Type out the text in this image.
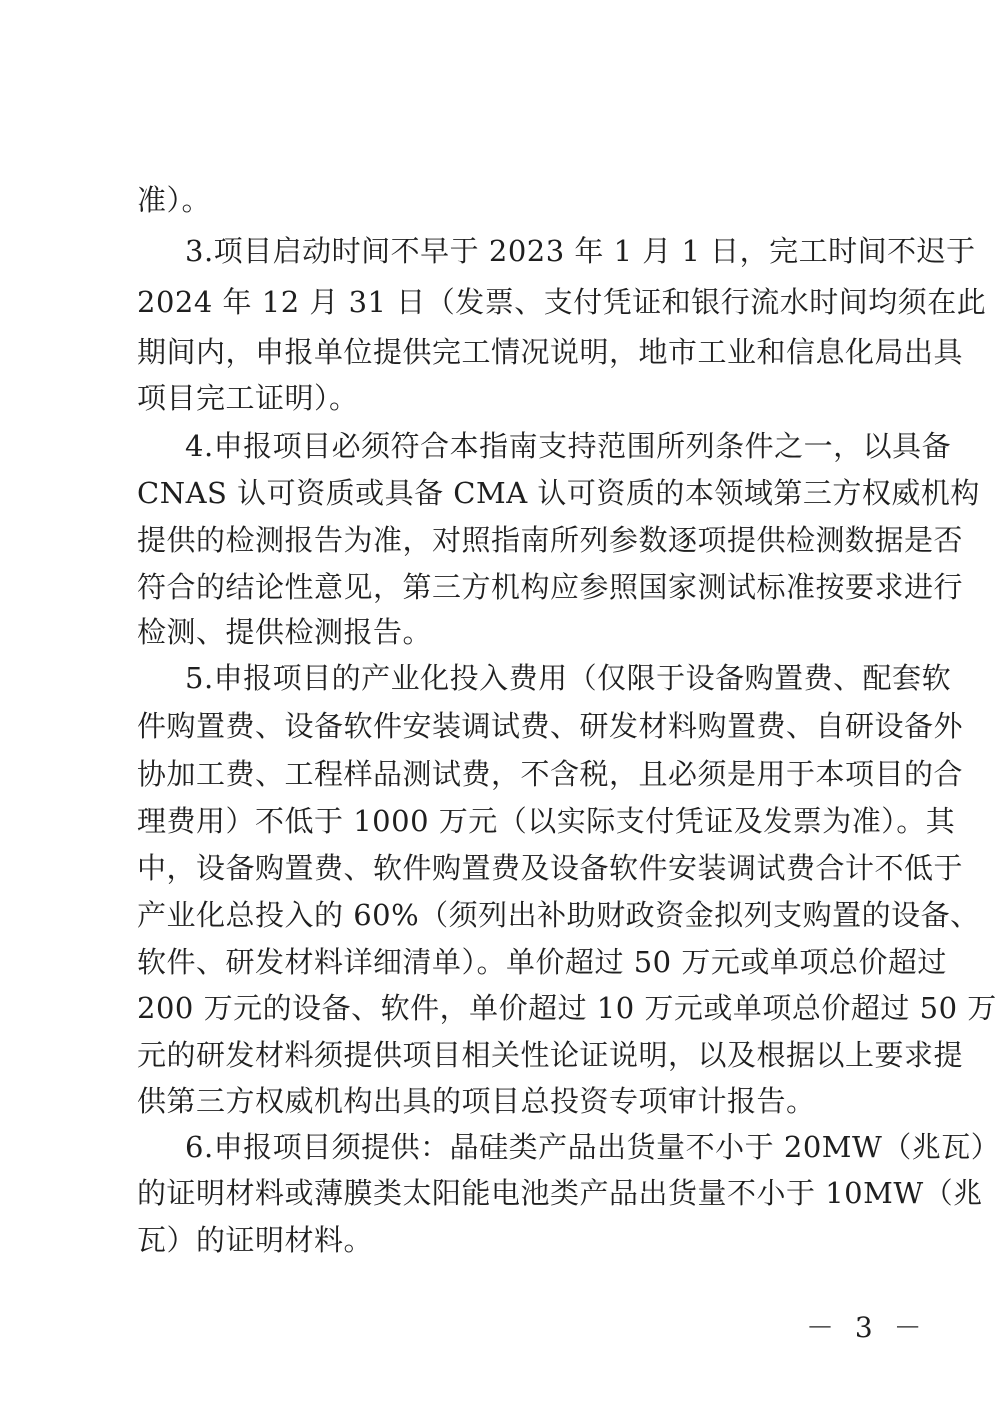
准）。
3.项目启动时间不早于 2023 年 1 月 1 日，完工时间不迟于
2024 年 12 月 31 日（发票、支付凭证和银行流水时间均须在此
期间内，申报单位提供完工情况说明，地市工业和信息化局出具
项目完工证明）。
4.申报项目必须符合本指南支持范围所列条件之一，以具备
CNAS 认可资质或具备 CMA 认可资质的本领域第三方权威机构
提供的检测报告为准，对照指南所列参数逐项提供检测数据是否
符合的结论性意见，第三方机构应参照国家测试标准按要求进行
检测、提供检测报告。
5.申报项目的产业化投入费用（仅限于设备购置费、配套软
件购置费、设备软件安装调试费、研发材料购置费、自研设备外
协加工费、工程样品测试费，不含税，且必须是用于本项目的合
理费用）不低于 1000 万元（以实际支付凭证及发票为准）。其
中，设备购置费、软件购置费及设备软件安装调试费合计不低于
产业化总投入的 60%（须列出补助财政资金拟列支购置的设备、
软件、研发材料详细清单）。单价超过 50 万元或单项总价超过
200 万元的设备、软件，单价超过 10 万元或单项总价超过 50 万
元的研发材料须提供项目相关性论证说明，以及根据以上要求提
供第三方权威机构出具的项目总投资专项审计报告。
6.申报项目须提供：晶硅类产品出货量不小于 20MW（兆瓦）
的证明材料或薄膜类太阳能电池类产品出货量不小于 10MW（兆
瓦）的证明材料。
－ 3 －
